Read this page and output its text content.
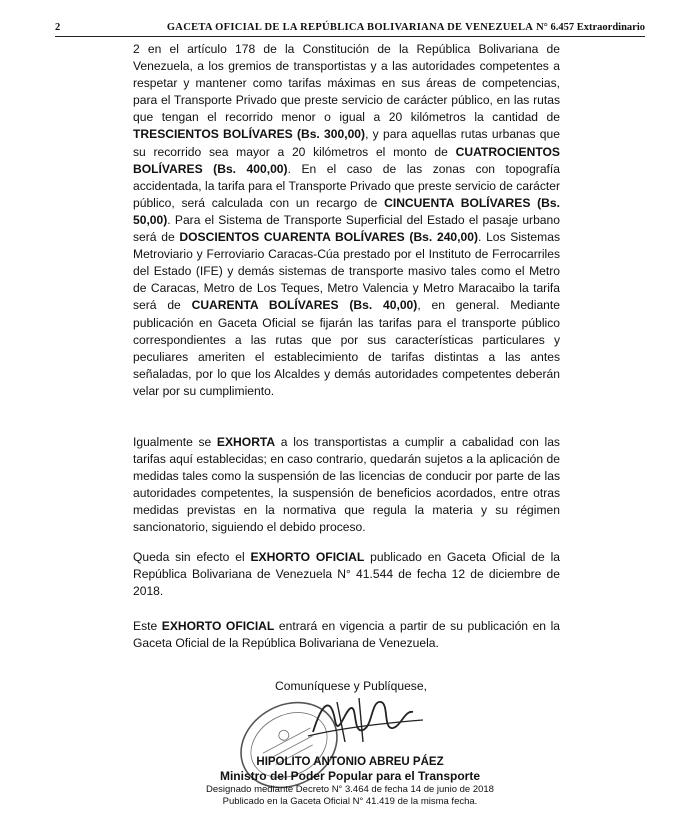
2	GACETA OFICIAL DE LA REPÚBLICA BOLIVARIANA DE VENEZUELA N° 6.457 Extraordinario
2 en el artículo 178 de la Constitución de la República Bolivariana de Venezuela, a los gremios de transportistas y a las autoridades competentes a respetar y mantener como tarifas máximas en sus áreas de competencias, para el Transporte Privado que preste servicio de carácter público, en las rutas que tengan el recorrido menor o igual a 20 kilómetros la cantidad de TRESCIENTOS BOLÍVARES (Bs. 300,00), y para aquellas rutas urbanas que su recorrido sea mayor a 20 kilómetros el monto de CUATROCIENTOS BOLÍVARES (Bs. 400,00). En el caso de las zonas con topografía accidentada, la tarifa para el Transporte Privado que preste servicio de carácter público, será calculada con un recargo de CINCUENTA BOLÍVARES (Bs. 50,00). Para el Sistema de Transporte Superficial del Estado el pasaje urbano será de DOSCIENTOS CUARENTA BOLÍVARES (Bs. 240,00). Los Sistemas Metroviario y Ferroviario Caracas-Cúa prestado por el Instituto de Ferrocarriles del Estado (IFE) y demás sistemas de transporte masivo tales como el Metro de Caracas, Metro de Los Teques, Metro Valencia y Metro Maracaibo la tarifa será de CUARENTA BOLÍVARES (Bs. 40,00), en general. Mediante publicación en Gaceta Oficial se fijarán las tarifas para el transporte público correspondientes a las rutas que por sus características particulares y peculiares ameriten el establecimiento de tarifas distintas a las antes señaladas, por lo que los Alcaldes y demás autoridades competentes deberán velar por su cumplimiento.
Igualmente se EXHORTA a los transportistas a cumplir a cabalidad con las tarifas aquí establecidas; en caso contrario, quedarán sujetos a la aplicación de medidas tales como la suspensión de las licencias de conducir por parte de las autoridades competentes, la suspensión de beneficios acordados, entre otras medidas previstas en la normativa que regula la materia y su régimen sancionatorio, siguiendo el debido proceso.
Queda sin efecto el EXHORTO OFICIAL publicado en Gaceta Oficial de la República Bolivariana de Venezuela N° 41.544 de fecha 12 de diciembre de 2018.
Este EXHORTO OFICIAL entrará en vigencia a partir de su publicación en la Gaceta Oficial de la República Bolivariana de Venezuela.
Comuníquese y Publíquese,
HIPOLITO ANTONIO ABREU PÁEZ
Ministro del Poder Popular para el Transporte
Designado mediante Decreto N° 3.464 de fecha 14 de junio de 2018
Publicado en la Gaceta Oficial N° 41.419 de la misma fecha.
